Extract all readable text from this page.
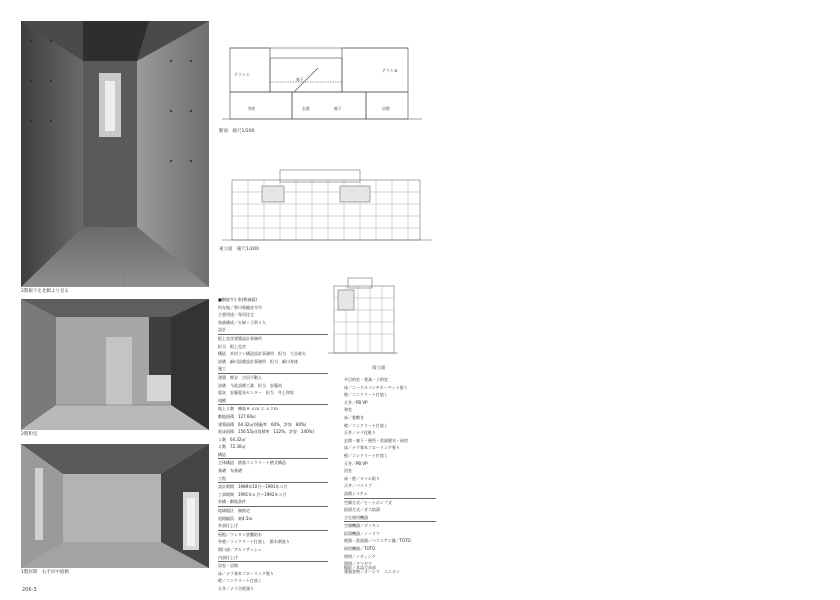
2階廊下を北側より見る
2階和室
1階居間　右手が中庭側
テラス C
テラス B
廊下
和室	玄関	廊下	居間
断面　縮尺1/200
東立面　縮尺1/200
南立面
■樹徳寺小家(熊森邸)
所在地／香川県観音寺市
主要用途／専用住宅
家族構成／夫婦＋子供２人
設計
根上克彦建築設計事務所
担当　根上克彦
構造　木村ソン構造設計事務所　担当　大谷政夫
設備　細川設備設計事務所　担当　細川寿徳
施工
建築　熊谷　吉田不動人
設備　今此設備工業　担当　安藤尚
電気　安藤電気センター　担当　井上和男
規模
地上２階　棟高８.６ｍ ２.６２ｍ
敷地面積　127.60㎡
建築面積　64.32㎡(建蔽率　60%，許容　80%)
延床面積　156.55㎡(容積率　122%，許容　240%)
１階　64.32㎡
２階　72.30㎡
構造
主体構造　鉄筋コンクリート壁式構造
基礎　布基礎
工程
設計期間　1989年10月〜1991年５月
工事期間　1991年６月〜1992年５月
外構・敷地条件
地域地区　無指定
道路幅員　東4.5ｍ
外部仕上げ
屋根／ウレタン塗膜防水
外壁／コンクリート打放し　撥水剤塗り
開口部／アルミサッシュ
内部仕上げ
居室・居間
床／ナラ寄木フローリング張り
壁／コンクリート打放し
天井／ナラ合板張り
多目的室・書斎・子供室
床／ニードルパンチカーペット張り
壁／コンクリート打放し
天井／PB VP
和室
床／畳敷き
壁／コンクリート打放し
天井／ナラ化粧り
玄関・廊下・便所・洗面脱衣・厨房
床／ナラ寄木フローリング張り
壁／コンクリート打放し
天井／PB VP
浴室
床・壁／タイル貼り
天井／バスリブ
設備システム
空調方式／ヒートポンプ式
給湯方式／ガス給湯
主な使用機器
空調機器／ダイキン
給湯機器／ノーリツ
便器・洗面器／ハウスアイ舗／TOTO
厨房機器／TOTO
照明／ノティング
照明／ヤマギワ
建築金物／オーシマ　ユニオン
撮影／本誌写真部
206-3
